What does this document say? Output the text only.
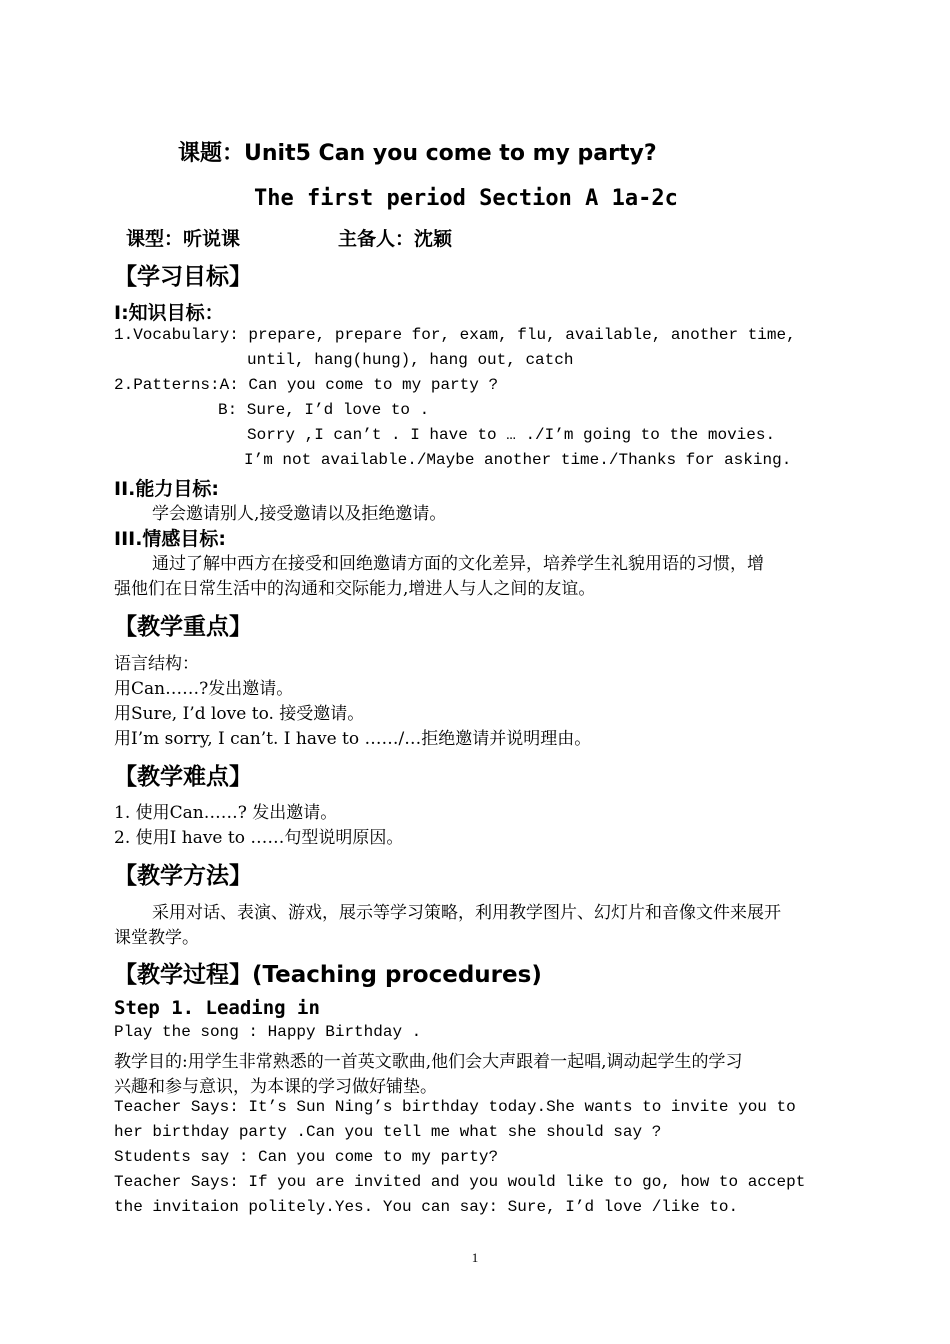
课题：Unit5 Can you come to my party?
The first period Section A 1a-2c
课型：听说课	主备人：沈颖
【学习目标】
I:知识目标：
1.Vocabulary: prepare, prepare for, exam, flu, available, another time,
until, hang(hung), hang out, catch
2.Patterns:A: Can you come to my party ?
B: Sure, I’d love to .
Sorry ,I can’t . I have to … ./I’m going to the movies.
I’m not available./Maybe another time./Thanks for asking.
II.能力目标:
学会邀请别人,接受邀请以及拒绝邀请。
III.情感目标:
通过了解中西方在接受和回绝邀请方面的文化差异，培养学生礼貌用语的习惯，增
强他们在日常生活中的沟通和交际能力,增进人与人之间的友谊。
【教学重点】
语言结构：
用Can……?发出邀请。
用Sure, I’d love to. 接受邀请。
用I’m sorry, I can’t. I have to ……/…拒绝邀请并说明理由。
【教学难点】
1. 使用Can……? 发出邀请。
2. 使用I have to ……句型说明原因。
【教学方法】
采用对话、表演、游戏，展示等学习策略，利用教学图片、幻灯片和音像文件来展开
课堂教学。
【教学过程】(Teaching procedures)
Step 1. Leading in
Play the song : Happy Birthday .
教学目的:用学生非常熟悉的一首英文歌曲,他们会大声跟着一起唱,调动起学生的学习
兴趣和参与意识，为本课的学习做好铺垫。
Teacher Says: It’s Sun Ning’s birthday today.She wants to invite you to
her birthday party .Can you tell me what she should say ?
Students say : Can you come to my party?
Teacher Says: If you are invited and you would like to go, how to accept
the invitaion politely.Yes. You can say: Sure, I’d love /like to.
1
